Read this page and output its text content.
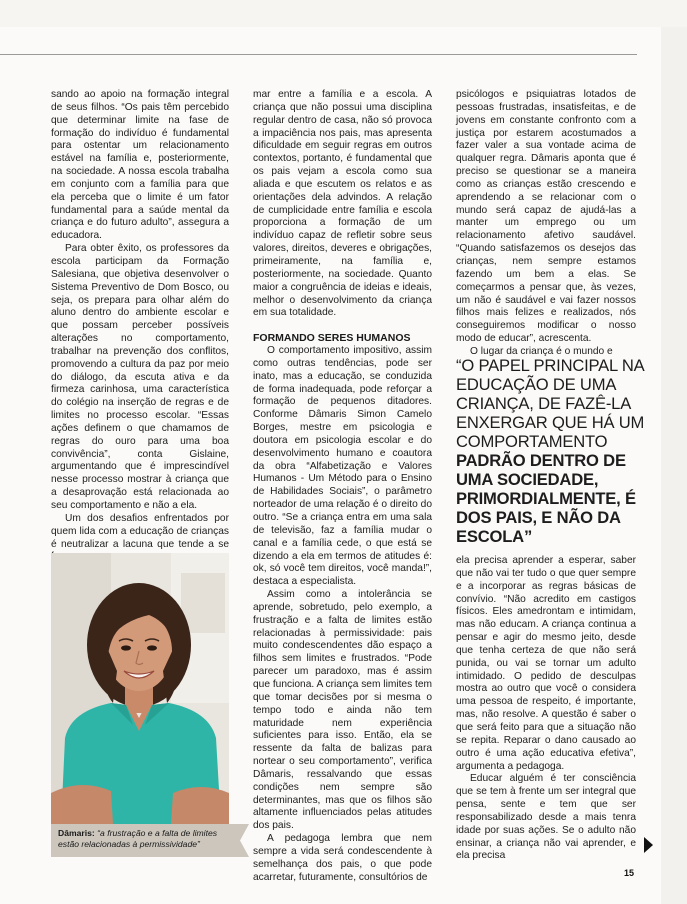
sando ao apoio na formação integral de seus filhos. “Os pais têm percebido que determinar limite na fase de formação do indivíduo é fundamental para ostentar um relacionamento estável na família e, posteriormente, na sociedade. A nossa escola trabalha em conjunto com a família para que ela perceba que o limite é um fator fundamental para a saúde mental da criança e do futuro adulto”, assegura a educadora.

Para obter êxito, os professores da escola participam da Formação Salesiana, que objetiva desenvolver o Sistema Preventivo de Dom Bosco, ou seja, os prepara para olhar além do aluno dentro do ambiente escolar e que possam perceber possíveis alterações no comportamento, trabalhar na prevenção dos conflitos, promovendo a cultura da paz por meio do diálogo, da escuta ativa e da firmeza carinhosa, uma característica do colégio na inserção de regras e de limites no processo escolar. “Essas ações definem o que chamamos de regras do ouro para uma boa convivência”, conta Gislaine, argumentando que é imprescindível nesse processo mostrar à criança que a desaprovação está relacionada ao seu comportamento e não a ela.

Um dos desafios enfrentados por quem lida com a educação de crianças é neutralizar a lacuna que tende a se

Dâmaris: “a frustração e a falta de limites estão relacionadas à permissividade”

mar entre a família e a escola. A criança que não possui uma disciplina regular dentro de casa, não só provoca a impaciência nos pais, mas apresenta dificuldade em seguir regras em outros contextos, portanto, é fundamental que os pais vejam a escola como sua aliada e que escutem os relatos e as orientações dela advindos. A relação de cumplicidade entre família e escola proporciona a formação de um indivíduo capaz de refletir sobre seus valores, direitos, deveres e obrigações, primeiramente, na família e, posteriormente, na sociedade. Quanto maior a congruência de ideias e ideais, melhor o desenvolvimento da criança em sua totalidade.

FORMANDO SERES HUMANOS

O comportamento impositivo, assim como outras tendências, pode ser inato, mas a educação, se conduzida de forma inadequada, pode reforçar a formação de pequenos ditadores. Conforme Dâmaris Simon Camelo Borges, mestre em psicologia e doutora em psicologia escolar e do desenvolvimento humano e coautora da obra “Alfabetização e Valores Humanos - Um Método para o Ensino de Habilidades Sociais”, o parâmetro norteador de uma relação é o direito do outro. “Se a criança entra em uma sala de televisão, faz a família mudar o canal e a família cede, o que está se dizendo a ela em termos de atitudes é: ok, só você tem direitos, você manda!”, destaca a especialista.

Assim como a intolerância se aprende, sobretudo, pelo exemplo, a frustração e a falta de limites estão relacionadas à permissividade: pais muito condescendentes dão espaço a filhos sem limites e frustrados. “Pode parecer um paradoxo, mas é assim que funciona. A criança sem limites tem que tomar decisões por si mesma o tempo todo e ainda não tem maturidade nem experiência suficientes para isso. Então, ela se ressente da falta de balizas para nortear o seu comportamento”, verifica Dâmaris, ressalvando que essas condições nem sempre são determinantes, mas que os filhos são altamente influenciados pelas atitudes dos pais.

A pedagoga lembra que nem sempre a vida será condescendente à semelhança dos pais, o que pode acarretar, futuramente, consultórios de

psicólogos e psiquiatras lotados de pessoas frustradas, insatisfeitas, e de jovens em constante confronto com a justiça por estarem acostumados a fazer valer a sua vontade acima de qualquer regra. Dâmaris aponta que é preciso se questionar se a maneira como as crianças estão crescendo e aprendendo a se relacionar com o mundo será capaz de ajudá-las a manter um emprego ou um relacionamento afetivo saudável. “Quando satisfazemos os desejos das crianças, nem sempre estamos fazendo um bem a elas. Se começarmos a pensar que, às vezes, um não é saudável e vai fazer nossos filhos mais felizes e realizados, nós conseguiremos modificar o nosso modo de educar”, acrescenta.

O lugar da criança é o mundo e

“O PAPEL PRINCIPAL NA EDUCAÇÃO DE UMA CRIANÇA, DE FAZÊ-LA ENXERGAR QUE HÁ UM COMPORTAMENTO PADRÃO DENTRO DE UMA SOCIEDADE, PRIMORDIALMENTE, É DOS PAIS, E NÃO DA ESCOLA”

ela precisa aprender a esperar, saber que não vai ter tudo o que quer sempre e a incorporar as regras básicas de convívio. “Não acredito em castigos físicos. Eles amedrontam e intimidam, mas não educam. A criança continua a pensar e agir do mesmo jeito, desde que tenha certeza de que não será punida, ou vai se tornar um adulto intimidado. O pedido de desculpas mostra ao outro que você o considera uma pessoa de respeito, é importante, mas, não resolve. A questão é saber o que será feito para que a situação não se repita. Reparar o dano causado ao outro é uma ação educativa efetiva”, argumenta a pedagoga.

Educar alguém é ter consciência que se tem à frente um ser integral que pensa, sente e tem que ser responsabilizado desde a mais tenra idade por suas ações. Se o adulto não ensinar, a criança não vai aprender, e ela precisa

15
